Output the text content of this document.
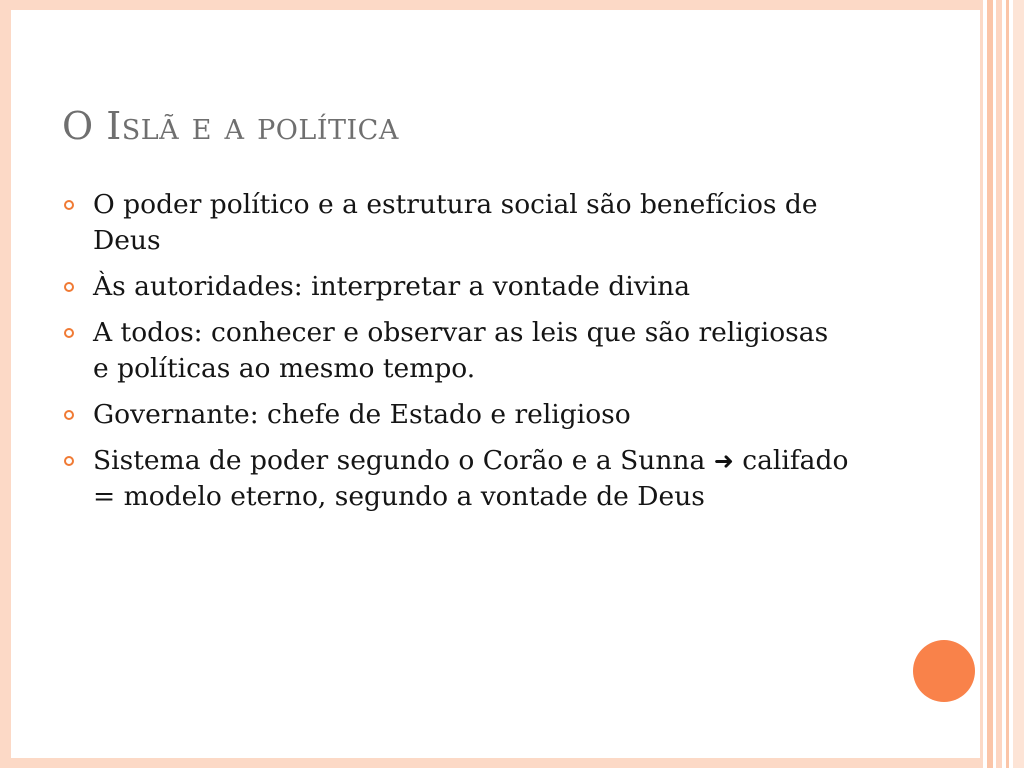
O Islã e a política
O poder político e a estrutura social são benefícios de Deus
Às autoridades: interpretar a vontade divina
A todos: conhecer e observar as leis que são religiosas e políticas ao mesmo tempo.
Governante: chefe de Estado e religioso
Sistema de poder segundo o Corão e a Sunna ➜ califado = modelo eterno, segundo a vontade de Deus
